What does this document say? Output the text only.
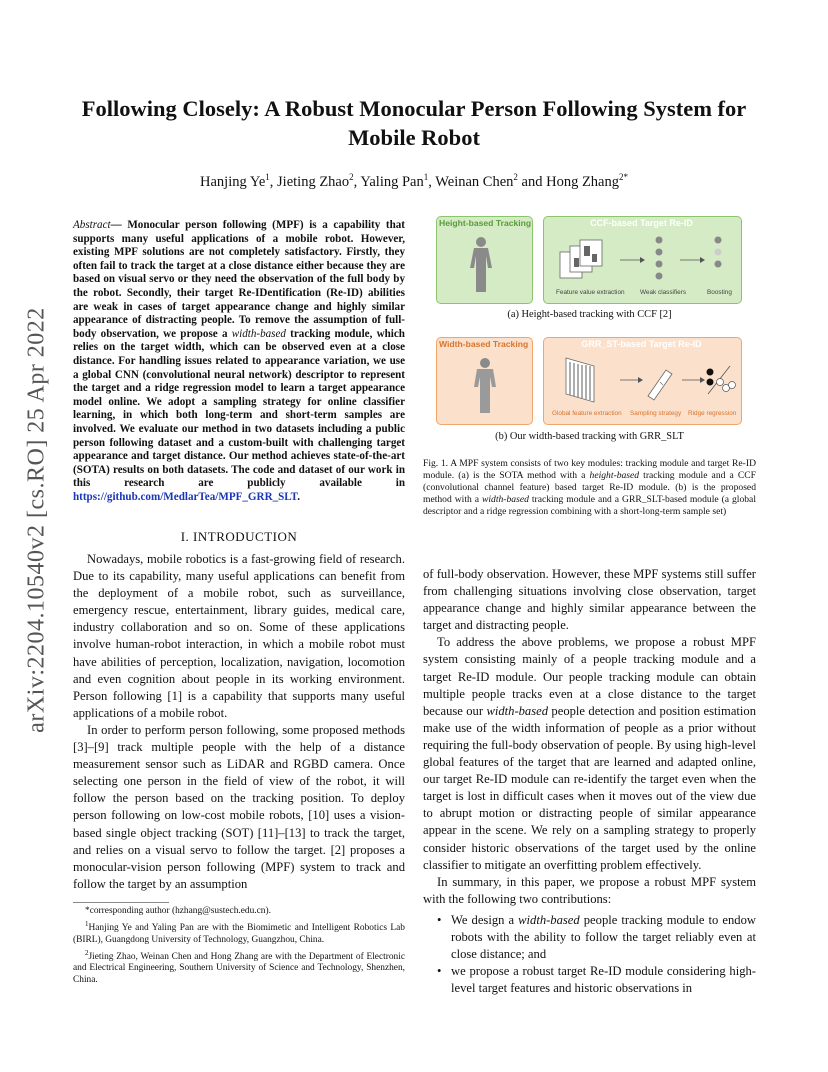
arXiv:2204.10540v2 [cs.RO] 25 Apr 2022
Following Closely: A Robust Monocular Person Following System for Mobile Robot
Hanjing Ye$^1$, Jieting Zhao$^2$, Yaling Pan$^1$, Weinan Chen$^2$ and Hong Zhang$^{2*}$
Abstract— Monocular person following (MPF) is a capability that supports many useful applications of a mobile robot. However, existing MPF solutions are not completely satisfactory. Firstly, they often fail to track the target at a close distance either because they are based on visual servo or they need the observation of the full body by the robot. Secondly, their target Re-IDentification (Re-ID) abilities are weak in cases of target appearance change and highly similar appearance of distracting people. To remove the assumption of full-body observation, we propose a width-based tracking module, which relies on the target width, which can be observed even at a close distance. For handling issues related to appearance variation, we use a global CNN (convolutional neural network) descriptor to represent the target and a ridge regression model to learn a target appearance model online. We adopt a sampling strategy for online classifier learning, in which both long-term and short-term samples are involved. We evaluate our method in two datasets including a public person following dataset and a custom-built with challenging target appearance and target distance. Our method achieves state-of-the-art (SOTA) results on both datasets. The code and dataset of our work in this research are publicly available in https://github.com/MedlarTea/MPF_GRR_SLT.
I. INTRODUCTION

Nowadays, mobile robotics is a fast-growing field of research. Due to its capability, many useful applications can benefit from the deployment of a mobile robot, such as surveillance, emergency rescue, entertainment, library guides, medical care, industry collaboration and so on. Some of these applications involve human-robot interaction, in which a mobile robot must have abilities of perception, localization, navigation, locomotion and even cognition about people in its working environment. Person following [1] is a capability that supports many useful applications of a mobile robot.

In order to perform person following, some proposed methods [3]–[9] track multiple people with the help of a distance measurement sensor such as LiDAR and RGBD camera. Once selecting one person in the field of view of the robot, it will follow the person based on the tracking position. To deploy person following on low-cost mobile robots, [10] uses a vision-based single object tracking (SOT) [11]–[13] to track the target, and relies on a visual servo to follow the target. [2] proposes a monocular-vision person following (MPF) system to track and follow the target by an assumption

*corresponding author (hzhang@sustech.edu.cn).

$^1$Hanjing Ye and Yaling Pan are with the Biomimetic and Intelligent Robotics Lab (BIRL), Guangdong University of Technology, Guangzhou, China.

$^2$Jieting Zhao, Weinan Chen and Hong Zhang are with the Department of Electronic and Electrical Engineering, Southern University of Science and Technology, Shenzhen, China.

Height-based Tracking	CCF-based Target Re-ID
Feature value extraction Weak classifiers	Boosting
(a) Height-based tracking with CCF [2]
Width-based Tracking	GRR_ST-based Target Re-ID
Global feature extraction Sampling strategy Ridge regression
(b) Our width-based tracking with GRR_SLT
Fig. 1. A MPF system consists of two key modules: tracking module and target Re-ID module. (a) is the SOTA method with a height-based tracking module and a CCF (convolutional channel feature) based target Re-ID module. (b) is the proposed method with a width-based tracking module and a GRR_SLT-based module (a global descriptor and a ridge regression combining with a short-long-term sample set)

of full-body observation. However, these MPF systems still suffer from challenging situations involving close observation, target appearance change and highly similar appearance between the target and distracting people.

To address the above problems, we propose a robust MPF system consisting mainly of a people tracking module and a target Re-ID module. Our people tracking module can obtain multiple people tracks even at a close distance to the target because our width-based people detection and position estimation make use of the width information of people as a prior without requiring the full-body observation of people. By using high-level global features of the target that are learned and adapted online, our target Re-ID module can re-identify the target even when the target is lost in difficult cases when it moves out of the view due to abrupt motion or distracting people of similar appearance appear in the scene. We rely on a sampling strategy to properly consider historic observations of the target used by the online classifier to mitigate an overfitting problem effectively.

In summary, in this paper, we propose a robust MPF system with the following two contributions:

• We design a width-based people tracking module to endow robots with the ability to follow the target reliably even at close distance; and
• we propose a robust target Re-ID module considering high-level target features and historic observations in
